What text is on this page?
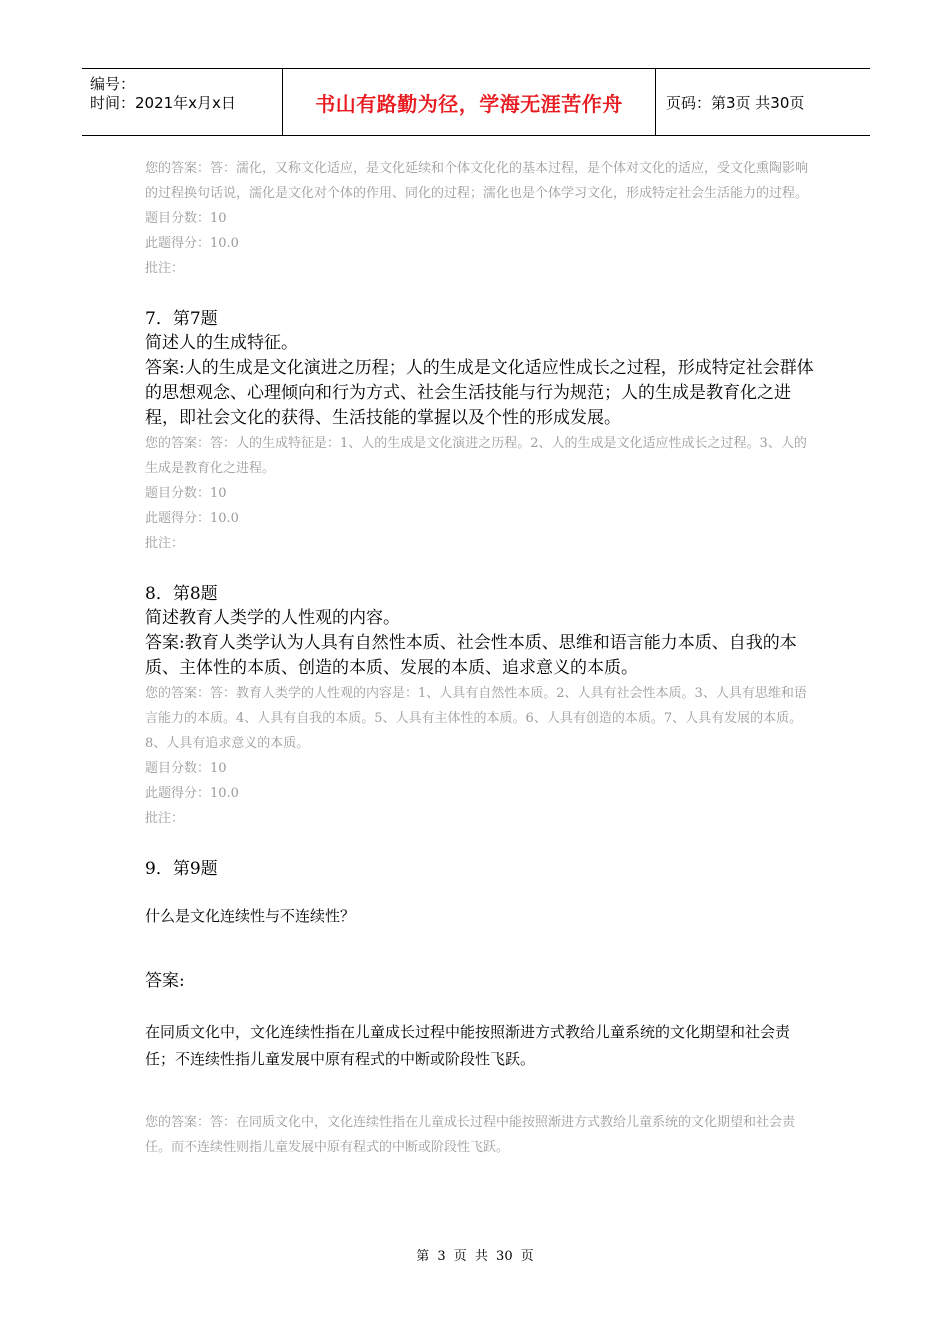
编号：
时间：2021年x月x日	书山有路勤为径，学海无涯苦作舟	页码：第3页 共30页

您的答案：答：濡化，又称文化适应，是文化延续和个体文化化的基本过程，是个体对文化的适应，受文化熏陶影响的过程换句话说，濡化是文化对个体的作用、同化的过程；濡化也是个体学习文化，形成特定社会生活能力的过程。

题目分数：10

此题得分：10.0

批注：

7．第7题

简述人的生成特征。

答案:人的生成是文化演进之历程；人的生成是文化适应性成长之过程，形成特定社会群体的思想观念、心理倾向和行为方式、社会生活技能与行为规范；人的生成是教育化之进程，即社会文化的获得、生活技能的掌握以及个性的形成发展。

您的答案：答：人的生成特征是：1、人的生成是文化演进之历程。2、人的生成是文化适应性成长之过程。3、人的生成是教育化之进程。

题目分数：10

此题得分：10.0

批注：

8．第8题

简述教育人类学的人性观的内容。

答案:教育人类学认为人具有自然性本质、社会性本质、思维和语言能力本质、自我的本质、主体性的本质、创造的本质、发展的本质、追求意义的本质。

您的答案：答：教育人类学的人性观的内容是：1、人具有自然性本质。2、人具有社会性本质。3、人具有思维和语言能力的本质。4、人具有自我的本质。5、人具有主体性的本质。6、人具有创造的本质。7、人具有发展的本质。8、人具有追求意义的本质。

题目分数：10

此题得分：10.0

批注：

9．第9题

什么是文化连续性与不连续性？

答案:

在同质文化中，文化连续性指在儿童成长过程中能按照渐进方式教给儿童系统的文化期望和社会责任；不连续性指儿童发展中原有程式的中断或阶段性飞跃。

您的答案：答：在同质文化中，文化连续性指在儿童成长过程中能按照渐进方式教给儿童系统的文化期望和社会责任。而不连续性则指儿童发展中原有程式的中断或阶段性飞跃。

第 3 页 共 30 页
